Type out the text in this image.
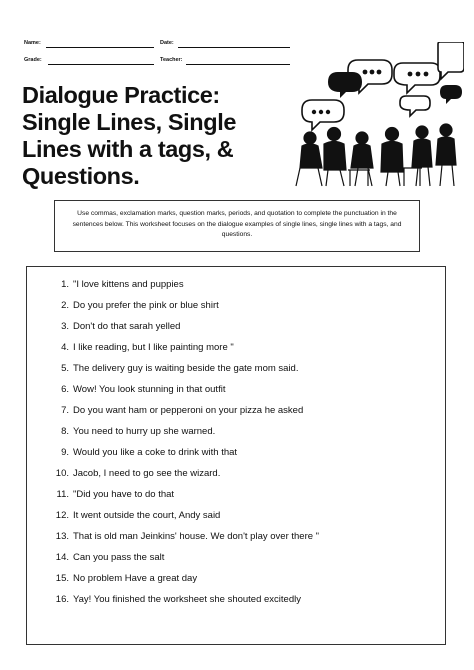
Name:	Date:
Grade:	Teacher:
Dialogue Practice: Single Lines, Single Lines with a tags, & Questions.
Use commas, exclamation marks, question marks, periods, and quotation to complete the punctuation in the sentences below. This worksheet focuses on the dialogue examples of single lines, single lines with a tags, and questions.
1. "I love kittens and puppies
2. Do you prefer the pink or blue shirt
3. Don't do that sarah yelled
4. I like reading, but I like painting more "
5. The delivery guy is waiting beside the gate mom said.
6. Wow! You look stunning in that outfit
7. Do you want ham or pepperoni on your pizza he asked
8. You need to hurry up she warned.
9. Would you like a coke to drink with that
10. Jacob, I need to go see the wizard.
11. "Did you have to do that
12. It went outside the court, Andy said
13. That is old man Jeinkins' house. We don't play over there "
14. Can you pass the salt
15. No problem Have a great day
16. Yay! You finished the worksheet she shouted excitedly
